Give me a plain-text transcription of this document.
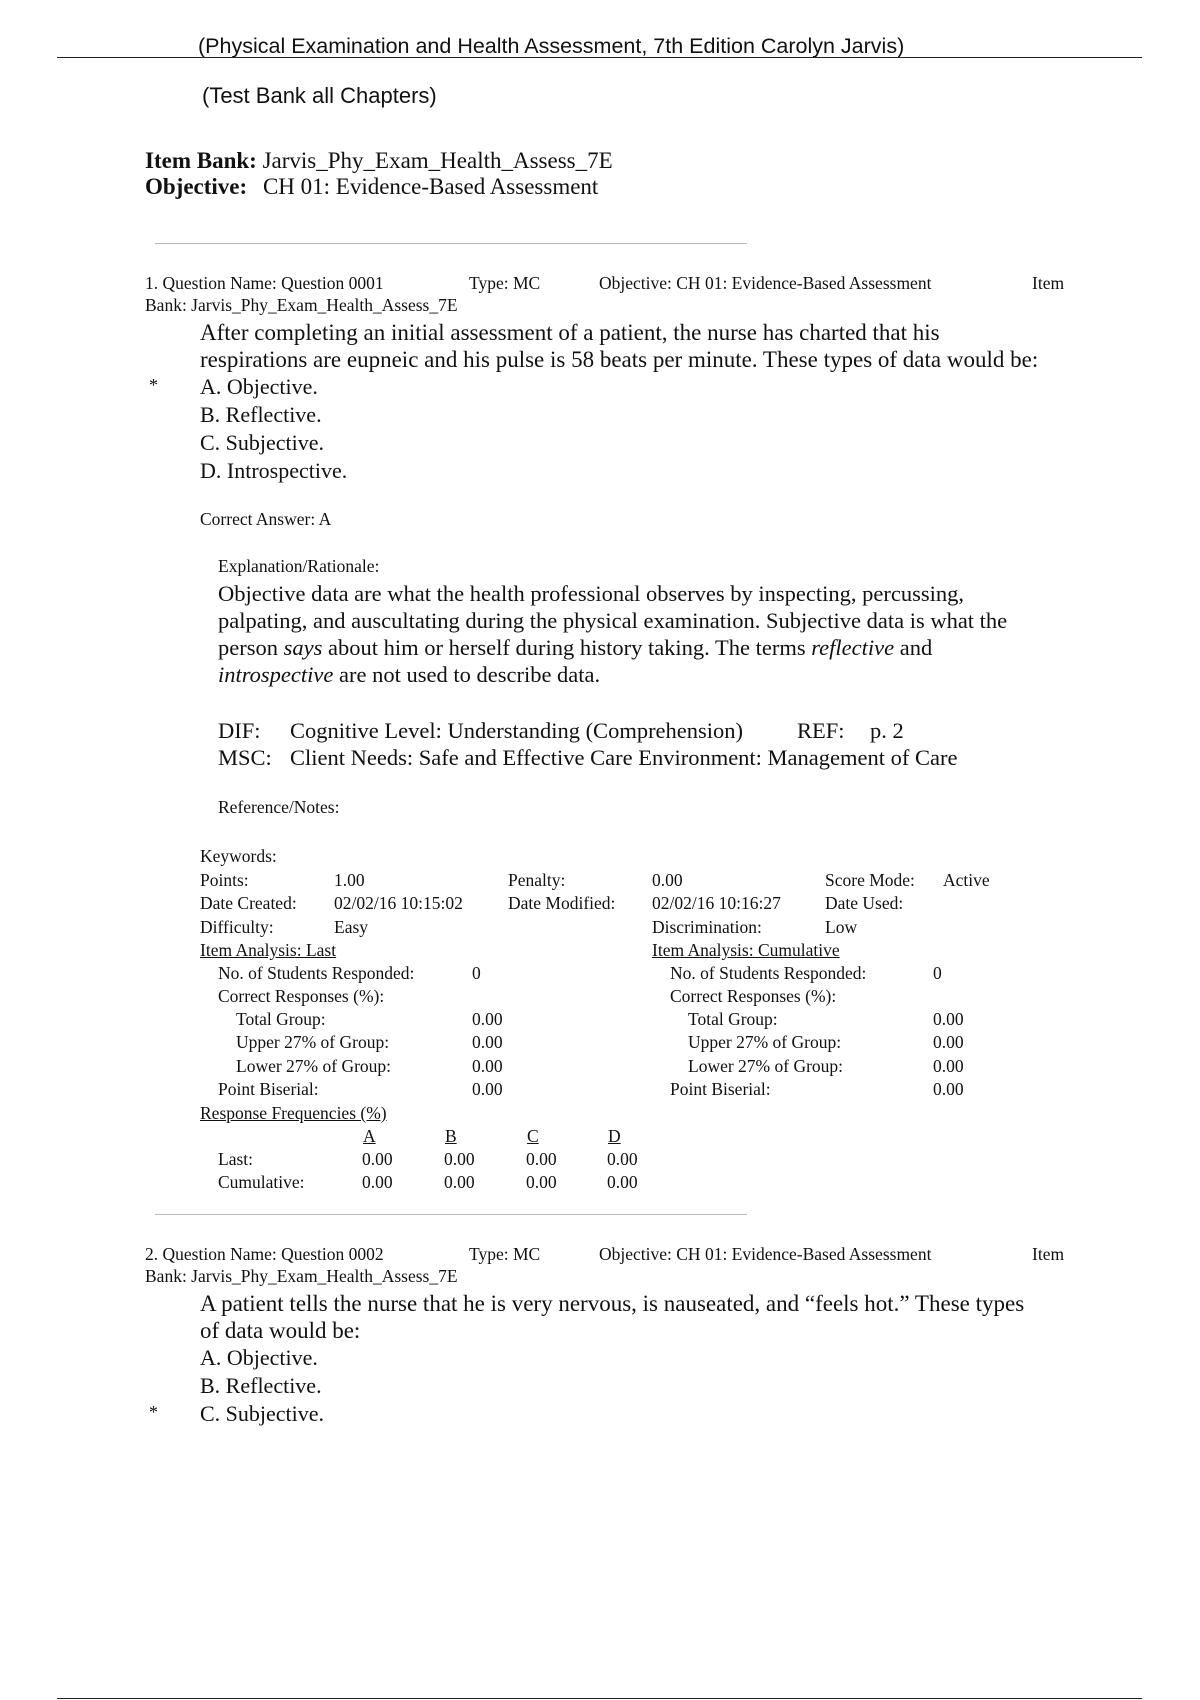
(Physical Examination and Health Assessment, 7th Edition Carolyn Jarvis)
(Test Bank all Chapters)
Item Bank: Jarvis_Phy_Exam_Health_Assess_7E
Objective: CH 01: Evidence-Based Assessment
1. Question Name: Question 0001	Type: MC	Objective: CH 01: Evidence-Based Assessment	Item
Bank: Jarvis_Phy_Exam_Health_Assess_7E
After completing an initial assessment of a patient, the nurse has charted that his
respirations are eupneic and his pulse is 58 beats per minute. These types of data would be:
* A. Objective.
B. Reflective.
C. Subjective.
D. Introspective.
Correct Answer: A
Explanation/Rationale:
Objective data are what the health professional observes by inspecting, percussing,
palpating, and auscultating during the physical examination. Subjective data is what the
person says about him or herself during history taking. The terms reflective and
introspective are not used to describe data.
DIF: Cognitive Level: Understanding (Comprehension) REF: p. 2
MSC: Client Needs: Safe and Effective Care Environment: Management of Care
Reference/Notes:
Keywords:
Points:	1.00	Penalty:	0.00	Score Mode: Active
Date Created: 02/02/16 10:15:02	Date Modified: 02/02/16 10:16:27	Date Used:
Difficulty:	Easy	Discrimination:	Low
Item Analysis: Last
No. of Students Responded:	0
Correct Responses (%):
Total Group:	0.00
Upper 27% of Group:	0.00
Lower 27% of Group:	0.00
Point Biserial:	0.00
Item Analysis: Cumulative
No. of Students Responded:	0
Correct Responses (%):
Total Group:	0.00
Upper 27% of Group:	0.00
Lower 27% of Group:	0.00
Point Biserial:	0.00
Response Frequencies (%)
A	B	C	D
Last:	0.00	0.00	0.00	0.00
Cumulative:	0.00	0.00	0.00	0.00
2. Question Name: Question 0002	Type: MC	Objective: CH 01: Evidence-Based Assessment	Item
Bank: Jarvis_Phy_Exam_Health_Assess_7E
A patient tells the nurse that he is very nervous, is nauseated, and “feels hot.” These types
of data would be:
A. Objective.
B. Reflective.
* C. Subjective.
